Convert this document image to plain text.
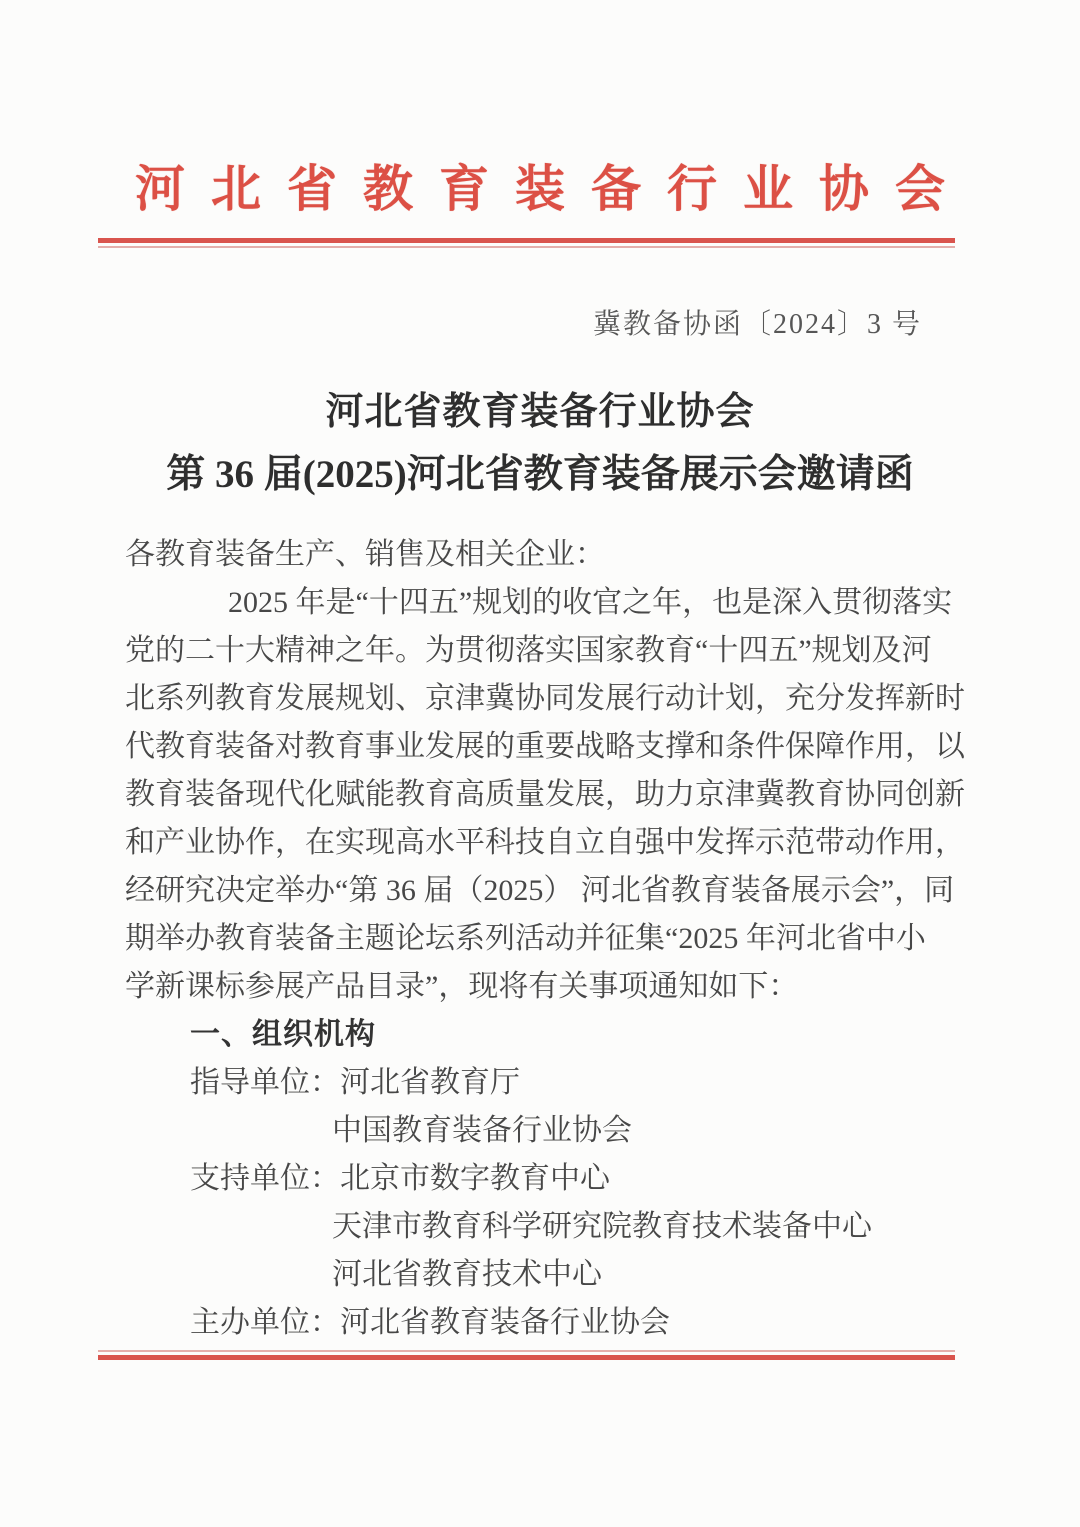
河北省教育装备行业协会
冀教备协函〔2024〕3 号
河北省教育装备行业协会
第 36 届(2025)河北省教育装备展示会邀请函
各教育装备生产、销售及相关企业：
2025 年是“十四五”规划的收官之年，也是深入贯彻落实
党的二十大精神之年。为贯彻落实国家教育“十四五”规划及河
北系列教育发展规划、京津冀协同发展行动计划，充分发挥新时
代教育装备对教育事业发展的重要战略支撑和条件保障作用，以
教育装备现代化赋能教育高质量发展，助力京津冀教育协同创新
和产业协作，在实现高水平科技自立自强中发挥示范带动作用，
经研究决定举办“第 36 届（2025） 河北省教育装备展示会”，同
期举办教育装备主题论坛系列活动并征集“2025 年河北省中小
学新课标参展产品目录”，现将有关事项通知如下：
一、组织机构
指导单位：河北省教育厅
中国教育装备行业协会
支持单位：北京市数字教育中心
天津市教育科学研究院教育技术装备中心
河北省教育技术中心
主办单位：河北省教育装备行业协会
